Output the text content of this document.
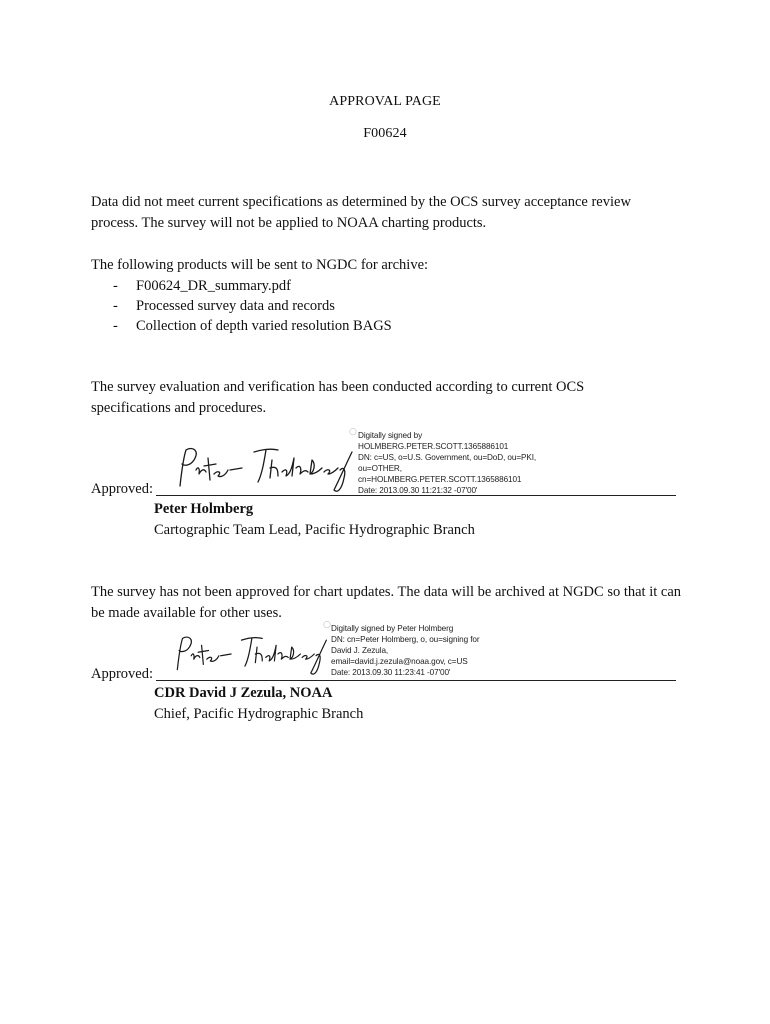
APPROVAL PAGE
F00624
Data did not meet current specifications as determined by the OCS survey acceptance review process. The survey will not be applied to NOAA charting products.
The following products will be sent to NGDC for archive:
- F00624_DR_summary.pdf
- Processed survey data and records
- Collection of depth varied resolution BAGS
The survey evaluation and verification has been conducted according to current OCS specifications and procedures.
○ Digitally signed by
HOLMBERG.PETER.SCOTT.1365886101
DN: c=US, o=U.S. Government, ou=DoD, ou=PKI,
ou=OTHER,
cn=HOLMBERG.PETER.SCOTT.1365886101
Date: 2013.09.30 11:21:32 -07'00'
Approved:
Peter Holmberg
Cartographic Team Lead, Pacific Hydrographic Branch
The survey has not been approved for chart updates. The data will be archived at NGDC so that it can be made available for other uses.
○ Digitally signed by Peter Holmberg
DN: cn=Peter Holmberg, o, ou=signing for
David J. Zezula,
email=david.j.zezula@noaa.gov, c=US
Date: 2013.09.30 11:23:41 -07'00'
Approved:
CDR David J Zezula, NOAA
Chief, Pacific Hydrographic Branch
